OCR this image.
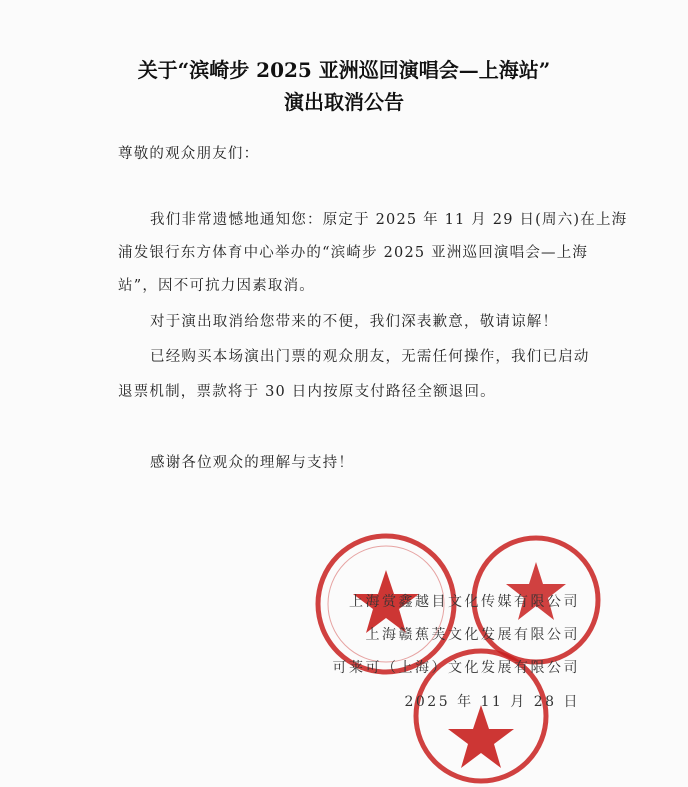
关于“滨崎步 2025 亚洲巡回演唱会—上海站”
演出取消公告
尊敬的观众朋友们：
我们非常遗憾地通知您：原定于 2025 年 11 月 29 日(周六)在上海
浦发银行东方体育中心举办的“滨崎步 2025 亚洲巡回演唱会—上海
站”，因不可抗力因素取消。
对于演出取消给您带来的不便，我们深表歉意，敬请谅解！
已经购买本场演出门票的观众朋友，无需任何操作，我们已启动
退票机制，票款将于 30 日内按原支付路径全额退回。
感谢各位观众的理解与支持！
上海赏鑫越目文化传媒有限公司
上海赣蕉芙文化发展有限公司
可莱可（上海）文化发展有限公司
2025 年 11 月 28 日
